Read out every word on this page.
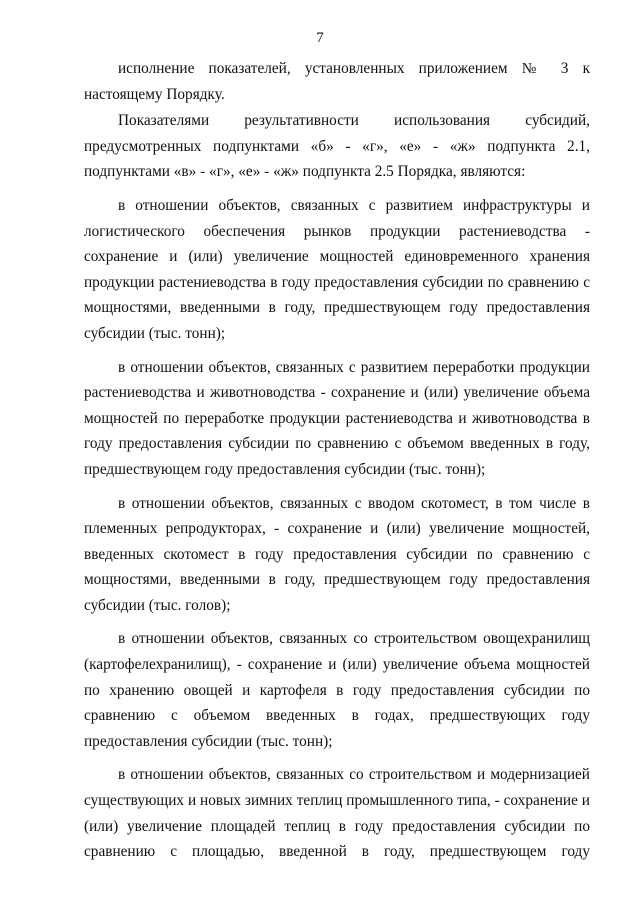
7

исполнение показателей, установленных приложением № 3 к настоящему Порядку.

Показателями результативности использования субсидий, предусмотренных подпунктами «б» - «г», «е» - «ж» подпункта 2.1, подпунктами «в» - «г», «е» - «ж» подпункта 2.5 Порядка, являются:

в отношении объектов, связанных с развитием инфраструктуры и логистического обеспечения рынков продукции растениеводства - сохранение и (или) увеличение мощностей единовременного хранения продукции растениеводства в году предоставления субсидии по сравнению с мощностями, введенными в году, предшествующем году предоставления субсидии (тыс. тонн);

в отношении объектов, связанных с развитием переработки продукции растениеводства и животноводства - сохранение и (или) увеличение объема мощностей по переработке продукции растениеводства и животноводства в году предоставления субсидии по сравнению с объемом введенных в году, предшествующем году предоставления субсидии (тыс. тонн);

в отношении объектов, связанных с вводом скотомест, в том числе в племенных репродукторах, - сохранение и (или) увеличение мощностей, введенных скотомест в году предоставления субсидии по сравнению с мощностями, введенными в году, предшествующем году предоставления субсидии (тыс. голов);

в отношении объектов, связанных со строительством овощехранилищ (картофелехранилищ), - сохранение и (или) увеличение объема мощностей по хранению овощей и картофеля в году предоставления субсидии по сравнению с объемом введенных в годах, предшествующих году предоставления субсидии (тыс. тонн);

в отношении объектов, связанных со строительством и модернизацией существующих и новых зимних теплиц промышленного типа, - сохранение и (или) увеличение площадей теплиц в году предоставления субсидии по сравнению с площадью, введенной в году, предшествующем году
